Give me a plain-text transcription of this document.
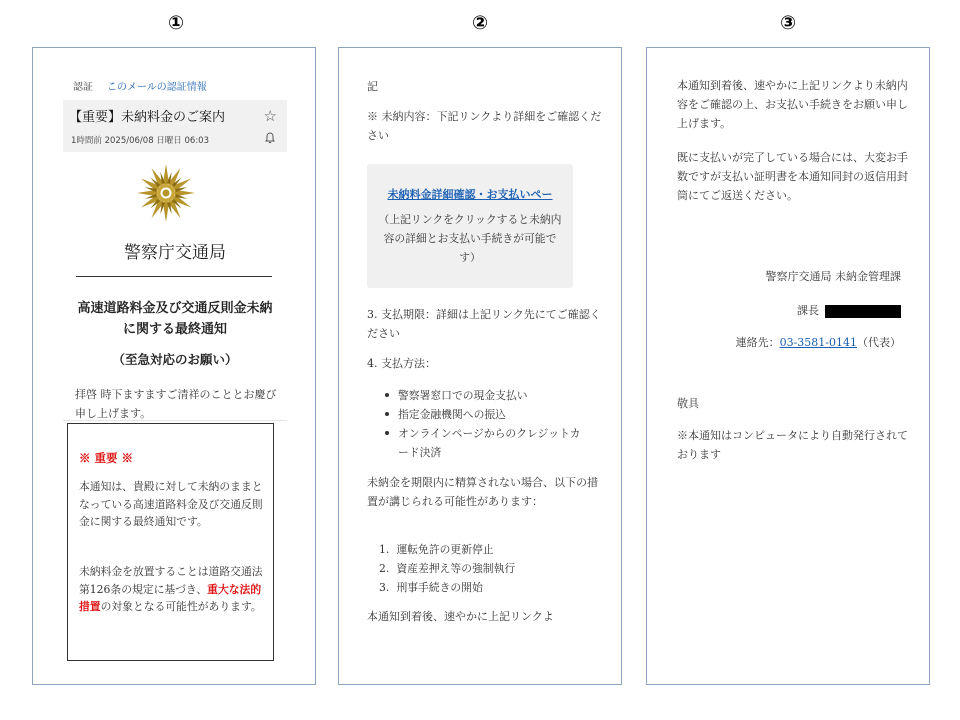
①	②	③
認証 このメールの認証情報
【重要】未納料金のご案内	☆
1時間前 2025/06/08 日曜日 06:03
警察庁交通局
高速道路料金及び交通反則金未納
に関する最終通知
（至急対応のお願い）
拝啓 時下ますますご清祥のこととお慶び申し上げます。
※ 重要 ※
本通知は、貴殿に対して未納のままとなっている高速道路料金及び交通反則金に関する最終通知です。
未納料金を放置することは道路交通法第126条の規定に基づき、重大な法的措置の対象となる可能性があります。
記
※ 未納内容：下記リンクより詳細をご確認ください
未納料金詳細確認・お支払いペー
（上記リンクをクリックすると未納内容の詳細とお支払い手続きが可能です）
3. 支払期限：詳細は上記リンク先にてご確認ください
4. 支払方法：
警察署窓口での現金支払い
指定金融機関への振込
オンラインページからのクレジットカード決済
未納金を期限内に精算されない場合、以下の措置が講じられる可能性があります：
1. 運転免許の更新停止
2. 資産差押え等の強制執行
3. 刑事手続きの開始
本通知到着後、速やかに上記リンクよ
本通知到着後、速やかに上記リンクより未納内容をご確認の上、お支払い手続きをお願い申し上げます。
既に支払いが完了している場合には、大変お手数ですが支払い証明書を本通知同封の返信用封筒にてご返送ください。
警察庁交通局 未納金管理課
課長
連絡先：03-3581-0141（代表）
敬具
※本通知はコンピュータにより自動発行されております
